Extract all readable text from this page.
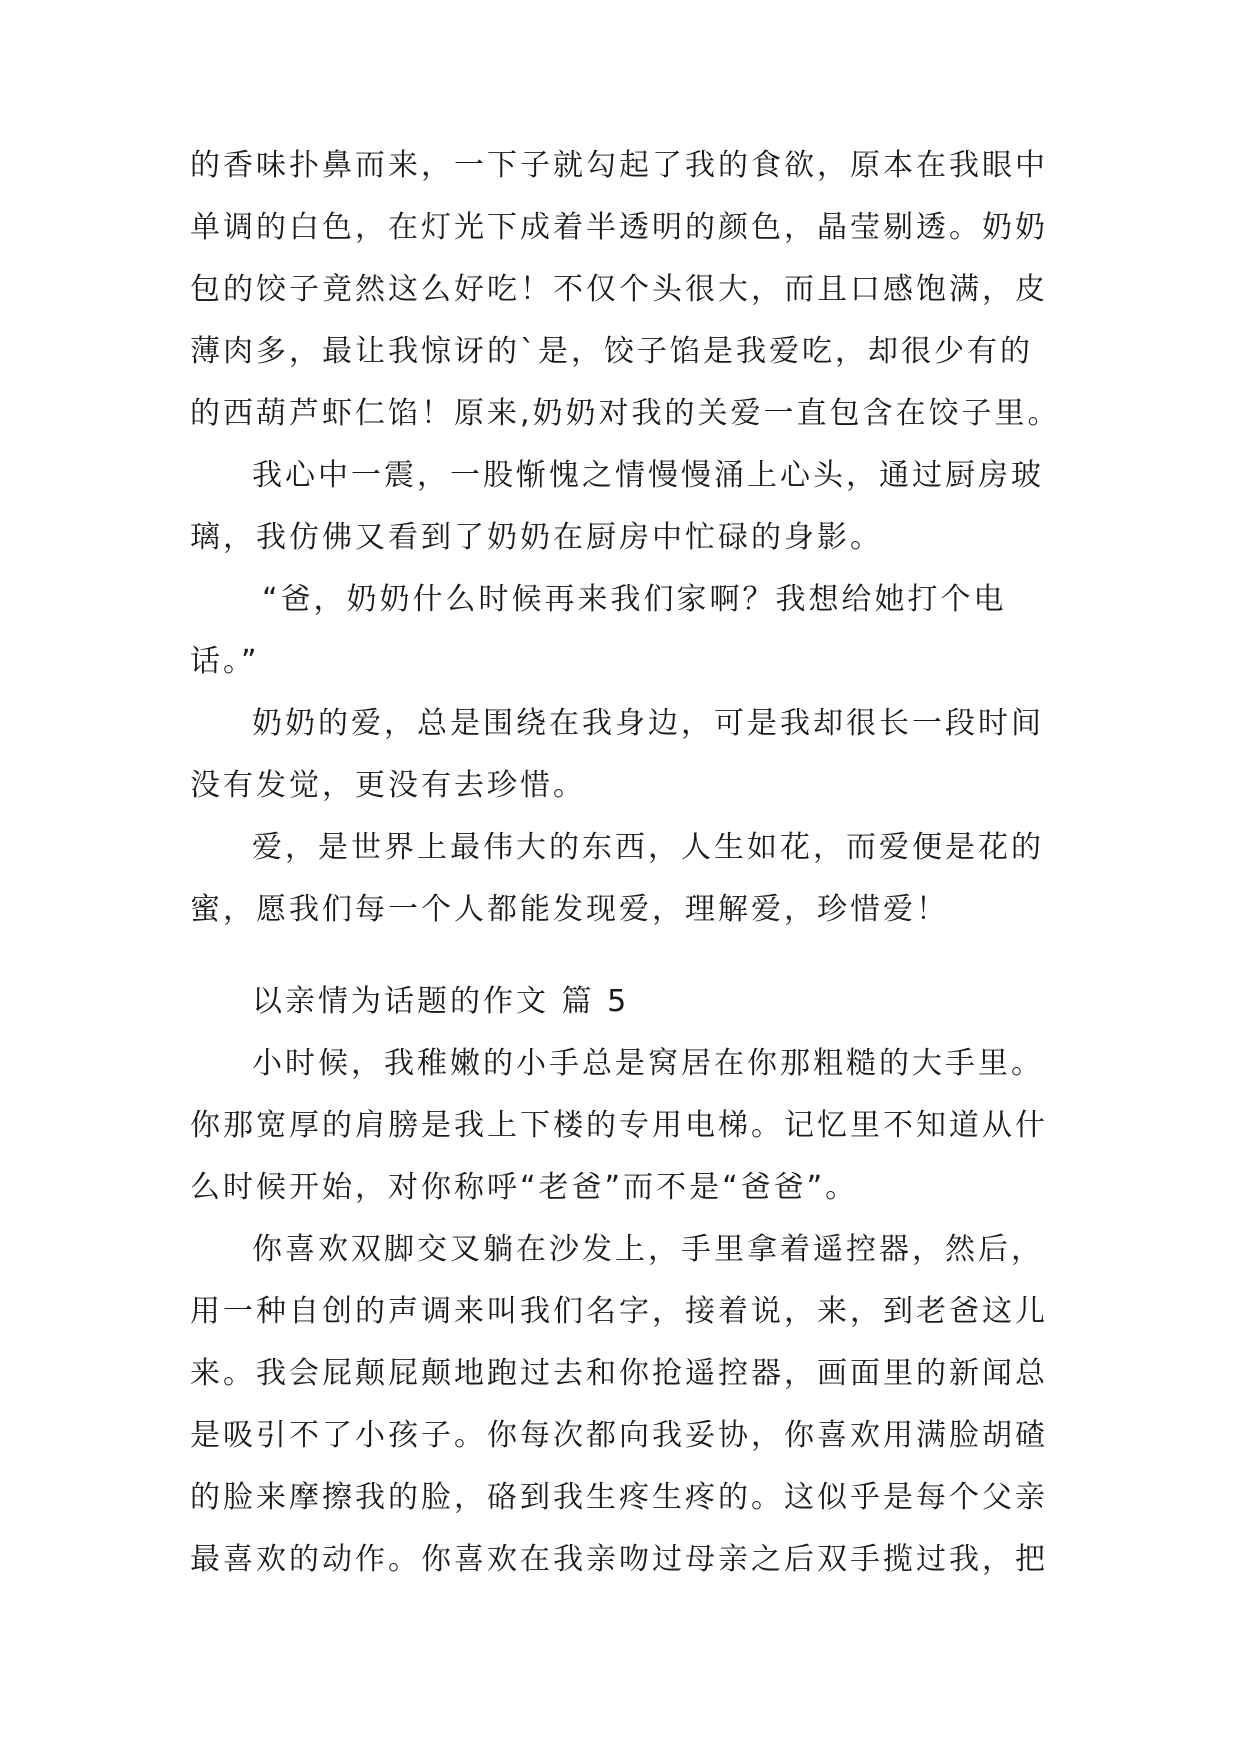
的香味扑鼻而来，一下子就勾起了我的食欲，原本在我眼中
单调的白色，在灯光下成着半透明的颜色，晶莹剔透。奶奶
包的饺子竟然这么好吃！不仅个头很大，而且口感饱满，皮
薄肉多，最让我惊讶的`是，饺子馅是我爱吃，却很少有的
的西葫芦虾仁馅！原来,奶奶对我的关爱一直包含在饺子里。
我心中一震，一股惭愧之情慢慢涌上心头，通过厨房玻
璃，我仿佛又看到了奶奶在厨房中忙碌的身影。
“爸，奶奶什么时候再来我们家啊？我想给她打个电
话。”
奶奶的爱，总是围绕在我身边，可是我却很长一段时间
没有发觉，更没有去珍惜。
爱，是世界上最伟大的东西，人生如花，而爱便是花的
蜜，愿我们每一个人都能发现爱，理解爱，珍惜爱！
以亲情为话题的作文 篇 5
小时候，我稚嫩的小手总是窝居在你那粗糙的大手里。
你那宽厚的肩膀是我上下楼的专用电梯。记忆里不知道从什
么时候开始，对你称呼“老爸”而不是“爸爸”。
你喜欢双脚交叉躺在沙发上，手里拿着遥控器，然后，
用一种自创的声调来叫我们名字，接着说，来，到老爸这儿
来。我会屁颠屁颠地跑过去和你抢遥控器，画面里的新闻总
是吸引不了小孩子。你每次都向我妥协，你喜欢用满脸胡碴
的脸来摩擦我的脸，硌到我生疼生疼的。这似乎是每个父亲
最喜欢的动作。你喜欢在我亲吻过母亲之后双手揽过我，把
